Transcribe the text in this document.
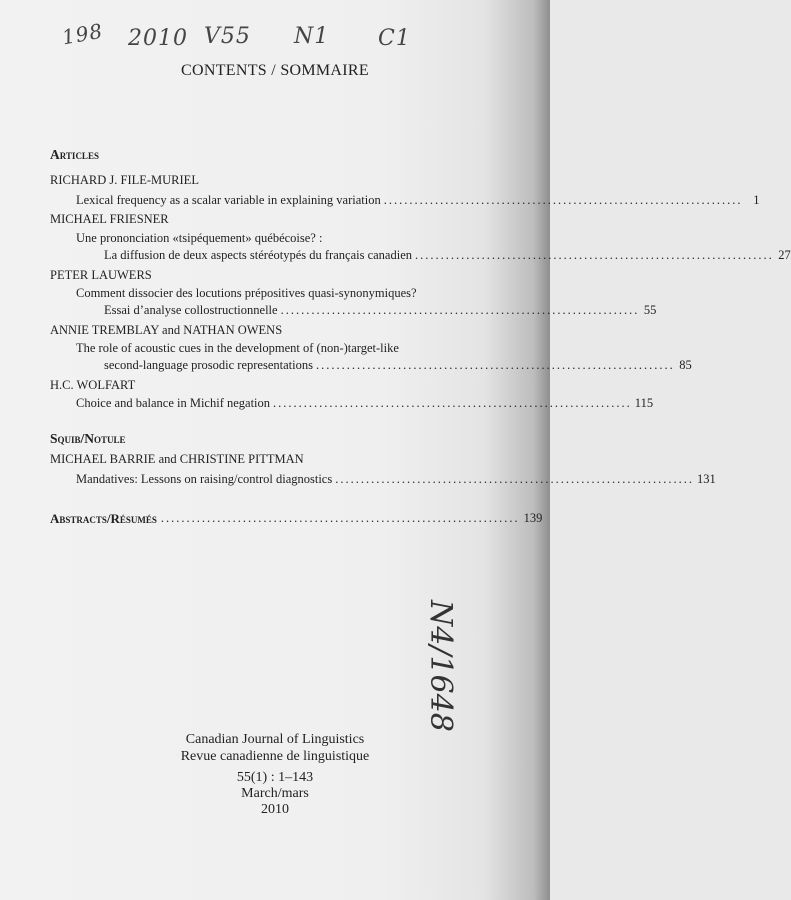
198 2010 V55 N1 C1
N4/1648
CONTENTS / SOMMAIRE
Articles
RICHARD J. FILE-MURIEL
Lexical frequency as a scalar variable in explaining variation ...................................................................... 1
MICHAEL FRIESNER
Une prononciation «tsipéquement» québécoise? :
La diffusion de deux aspects stéréotypés du français canadien ...................................................................... 27
PETER LAUWERS
Comment dissocier des locutions prépositives quasi-synonymiques?
Essai d’analyse collostructionnelle ...................................................................... 55
ANNIE TREMBLAY and NATHAN OWENS
The role of acoustic cues in the development of (non-)target-like
second-language prosodic representations ...................................................................... 85
H.C. WOLFART
Choice and balance in Michif negation ...................................................................... 115
Squib/Notule
MICHAEL BARRIE and CHRISTINE PITTMAN
Mandatives: Lessons on raising/control diagnostics ...................................................................... 131
Abstracts/Résumés ...................................................................... 139
Canadian Journal of Linguistics
Revue canadienne de linguistique
55(1) : 1–143
March/mars
2010
